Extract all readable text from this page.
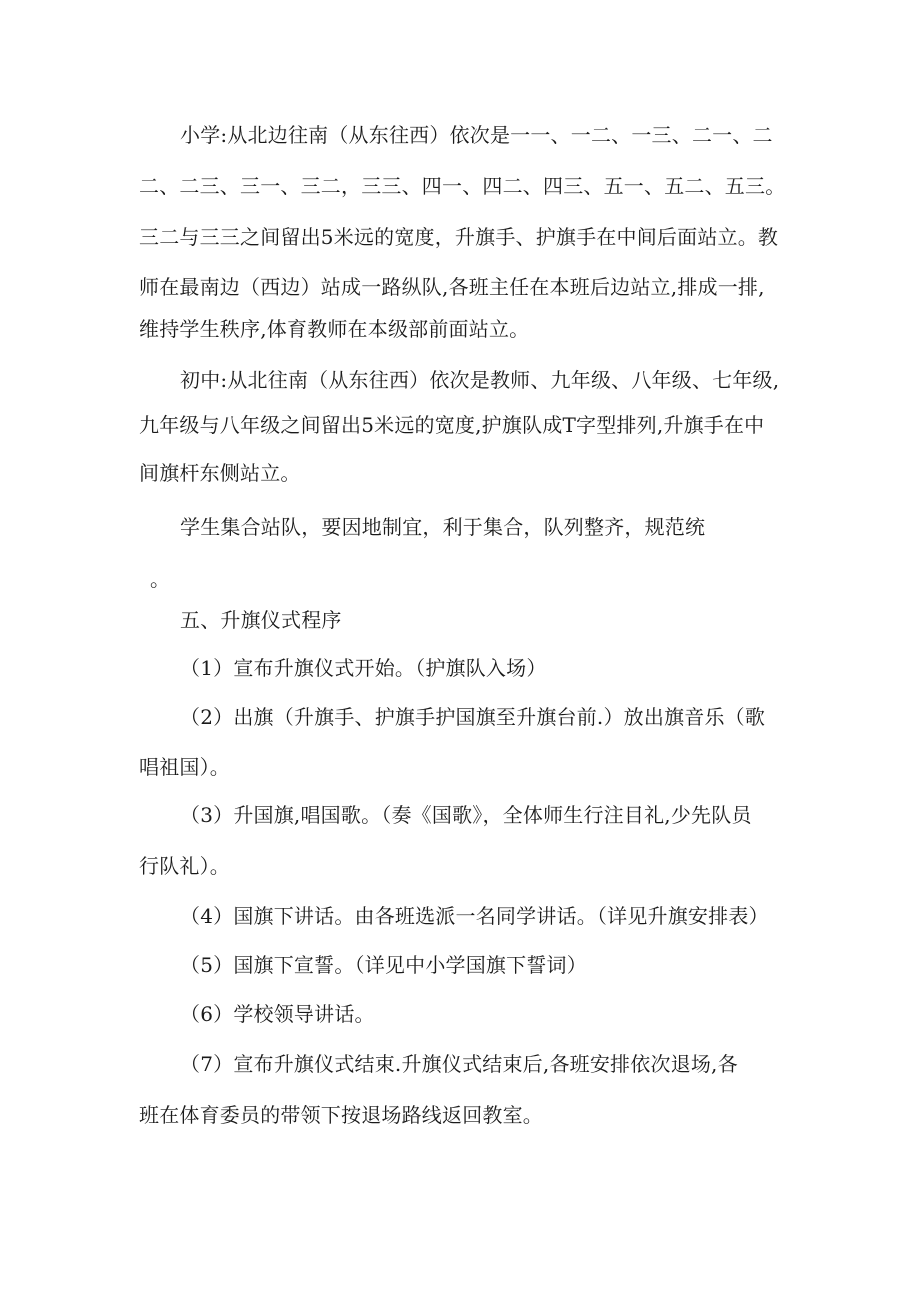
小学:从北边往南（从东往西）依次是一一、一二、一三、二一、二
二、二三、三一、三二，三三、四一、四二、四三、五一、五二、五三。
三二与三三之间留出5米远的宽度，升旗手、护旗手在中间后面站立。教
师在最南边（西边）站成一路纵队,各班主任在本班后边站立,排成一排,
维持学生秩序,体育教师在本级部前面站立。
初中:从北往南（从东往西）依次是教师、九年级、八年级、七年级,
九年级与八年级之间留出5米远的宽度,护旗队成T字型排列,升旗手在中
间旗杆东侧站立。
学生集合站队，要因地制宜，利于集合，队列整齐，规范统
。
五、升旗仪式程序
（1）宣布升旗仪式开始。（护旗队入场）
（2）出旗（升旗手、护旗手护国旗至升旗台前.）放出旗音乐（歌
唱祖国）。
（3）升国旗,唱国歌。（奏《国歌》，全体师生行注目礼,少先队员
行队礼）。
（4）国旗下讲话。由各班选派一名同学讲话。（详见升旗安排表）
（5）国旗下宣誓。（详见中小学国旗下誓词）
（6）学校领导讲话。
（7）宣布升旗仪式结束.升旗仪式结束后,各班安排依次退场,各
班在体育委员的带领下按退场路线返回教室。
